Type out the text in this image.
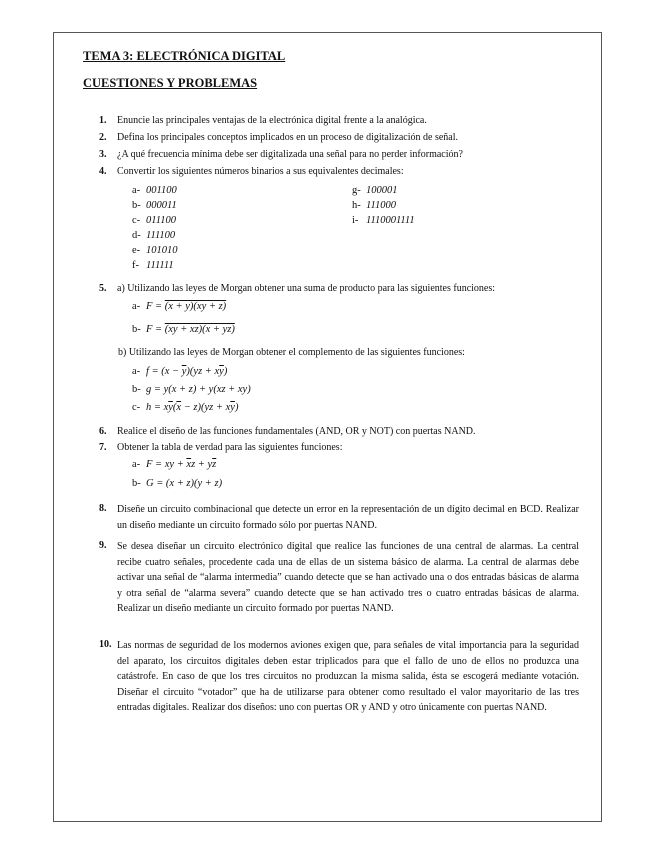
TEMA 3: ELECTRÓNICA DIGITAL
CUESTIONES Y PROBLEMAS
1. Enuncie las principales ventajas de la electrónica digital frente a la analógica.
2. Defina los principales conceptos implicados en un proceso de digitalización de señal.
3. ¿A qué frecuencia mínima debe ser digitalizada una señal para no perder información?
4. Convertir los siguientes números binarios a sus equivalentes decimales:
a- 001100
b- 000011
c- 011100
d- 111100
e- 101010
f- 111111
g- 100001
h- 111000
i- 1110001111
5. a) Utilizando las leyes de Morgan obtener una suma de producto para las siguientes funciones:
a- F = (x + y)(xy + z)
b- F = (xy + xz)(x + yz)
b) Utilizando las leyes de Morgan obtener el complemento de las siguientes funciones:
a- $f = (x - \overline{y})(yz + x\overline{y})$
b- g = y(x + z) + y(xz + xy)
c- $h = x\overline{y}(\overline{x} - z)(yz + x\overline{y})$
6. Realice el diseño de las funciones fundamentales (AND, OR y NOT) con puertas NAND.
7. Obtener la tabla de verdad para las siguientes funciones:
a- F = xy + $\overline{x}z + y\overline{z}$
b- G = (x + z)(y + z)
8. Diseñe un circuito combinacional que detecte un error en la representación de un dígito decimal en BCD. Realizar un diseño mediante un circuito formado sólo por puertas NAND.
9. Se desea diseñar un circuito electrónico digital que realice las funciones de una central de alarmas. La central recibe cuatro señales, procedente cada una de ellas de un sistema básico de alarma. La central de alarmas debe activar una señal de “alarma intermedia” cuando detecte que se han activado una o dos entradas básicas de alarma y otra señal de “alarma severa” cuando detecte que se han activado tres o cuatro entradas básicas de alarma. Realizar un diseño mediante un circuito formado por puertas NAND.
10. Las normas de seguridad de los modernos aviones exigen que, para señales de vital importancia para la seguridad del aparato, los circuitos digitales deben estar triplicados para que el fallo de uno de ellos no produzca una catástrofe. En caso de que los tres circuitos no produzcan la misma salida, ésta se escogerá mediante votación. Diseñar el circuito “votador” que ha de utilizarse para obtener como resultado el valor mayoritario de las tres entradas digitales. Realizar dos diseños: uno con puertas OR y AND y otro únicamente con puertas NAND.
